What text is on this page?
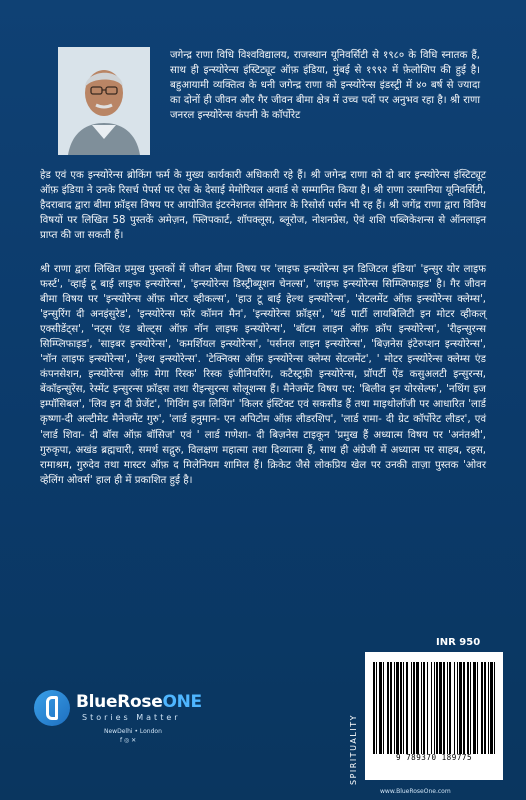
जगेन्द्र राणा विधि विश्वविद्यालय, राजस्थान यूनिवर्सिटी से १९८० के विधि स्नातक हैं, साथ ही इन्स्योरेन्स इंस्टिट्यूट ऑफ़ इंडिया, मुंबई से १९९२ में फ़ेलोशिप की हुई है। बहुआयामी व्यक्तित्व के धनी जगेन्द्र राणा को इन्स्योरेन्स इंडस्ट्री में ४० बर्ष से ज्यादा का दोनों ही जीवन और गैर जीवन बीमा क्षेत्र में उच्च पदों पर अनुभव रहा है। श्री राणा जनरल इन्स्योरेन्स कंपनी के कॉर्पोरेट
हेड एवं एक इन्स्योरेन्स ब्रोकिंग फर्म के मुख्य कार्यकारी अधिकारी रहे हैं। श्री जगेन्द्र राणा को दो बार इन्स्योरेन्स इंस्टिट्यूट ऑफ़ इंडिया ने उनके रिसर्च पेपर्स पर ऐस के देसाई मेमोरियल अवार्ड से सम्मानित किया है। श्री राणा उस्मानिया यूनिवर्सिटी, हैदराबाद द्वारा बीमा फ्रॉड्स विषय पर आयोजित इंटरनेशनल सेमिनार के रिसोर्स पर्सन भी रह हैं। श्री जगेंद्र राणा द्वारा विविध विषयों पर लिखित 58 पुस्तकें अमेज़न, फ्लिपकार्ट, शॉपक्लूस, ब्लूरोज, नोशनप्रेस, ऐवं शशि पब्लिकेशन्स से ऑनलाइन प्राप्त की जा सकती हैं।
श्री राणा द्वारा लिखित प्रमुख पुस्तकों में जीवन बीमा विषय पर 'लाइफ इन्स्योरेन्स इन डिजिटल इंडिया' 'इन्सुर योर लाइफ फर्स्ट', 'व्हाई टू बाई लाइफ इन्स्योरेन्स', 'इन्स्योरेन्स डिस्ट्रीब्यूशन चेनल्स', 'लाइफ इन्स्योरेन्स सिम्प्लिफाइड' है। गैर जीवन बीमा विषय पर 'इन्स्योरेन्स ऑफ़ मोटर व्हीकल्स', 'हाउ टू बाई हेल्थ इन्स्योरेन्स', 'सेटलमेंट ऑफ़ इन्स्योरेन्स क्लेम्स', 'इन्सुरिंग दी अनइंसुरेड', 'इन्स्योरेन्स फॉर कॉमन मैन', 'इन्स्योरेन्स फ्रॉड्स', 'थर्ड पार्टी लायबिलिटी इन मोटर व्हीकल् एक्सीडेंट्स', 'नट्स एंड बोल्ट्स ऑफ़ नॉन लाइफ इन्स्योरेन्स', 'बॉटम लाइन ऑफ़ क्रॉप इन्स्योरेन्स', 'रीइन्सुरन्स सिम्प्लिफाइड', 'साइबर इन्स्योरेन्स', 'कमर्शियल इन्स्योरेन्स', 'पर्सनल लाइन इन्स्योरेन्स', 'बिज़नेस इंटेरुप्शन इन्स्योरेन्स', 'नॉन लाइफ इन्स्योरेन्स', 'हेल्थ इन्स्योरेन्स'. 'टेक्निक्स ऑफ़ इन्स्योरेन्स क्लेम्स सेटलमेंट', ' मोटर इन्स्योरेन्स क्लेम्स एंड कंपनसेशन, इन्स्योरेन्स ऑफ़ मेगा रिस्क' रिस्क इंजीनियरिंग, कटैस्ट्रफ़ी इन्स्योरेन्स, प्रॉपर्टी ऐंड कसुअलटी इन्सुरन्स, बेंकॉइन्सुरेंस, रेस्मेंट इन्सुरन्स फ्रॉड्स तथा रीइन्सुरन्स सोलूशन्स हैं। मैनेजमेंट विषय पर: 'बिलीव इन योरसेल्फ', 'नथिंग इज इम्पॉसिबल', 'लिव इन दी प्रेजेंट', 'गिविंग इज लिविंग' 'किलर इंस्टिंक्ट एवं सकसीड हैं तथा माइथोलॉजी पर आधारित 'लार्ड कृष्णा-दी अल्टीमेट मैनेजमेंट गुरु', 'लार्ड हनुमान- एन अपिटोम ऑफ़ लीडरशिप', 'लार्ड रामा- दी ग्रेट कॉर्पोरेट लीडर', एवं 'लार्ड शिवा- दी बॉस ऑफ़ बॉसिज' एवं ' लार्ड गणेशा- दी बिज़नेस टाइकून 'प्रमुख हैं अध्यात्म विषय पर 'अनंतश्री', गुरुकृपा, अखंड ब्रह्मचारी, समर्थ सद्गुरु, विलक्षण महात्मा तथा दिव्यात्मा हैं, साथ ही अंग्रेजी में अध्यात्म पर साहब, रहस, रामाश्रम, गुरुदेव तथा मास्टर ऑफ़ द मिलेनियम शामिल हैं। क्रिकेट जैसे लोकप्रिय खेल पर उनकी ताज़ा पुस्तक 'ओवर व्हेलिंग ओवर्स' हाल ही में प्रकाशित हुई है।
INR 950
BlueRoseONE
Stories Matter
NewDelhi • London
f ◎ ✕	SPIRITUALITY	9 789370 189775
www.BlueRoseOne.com
